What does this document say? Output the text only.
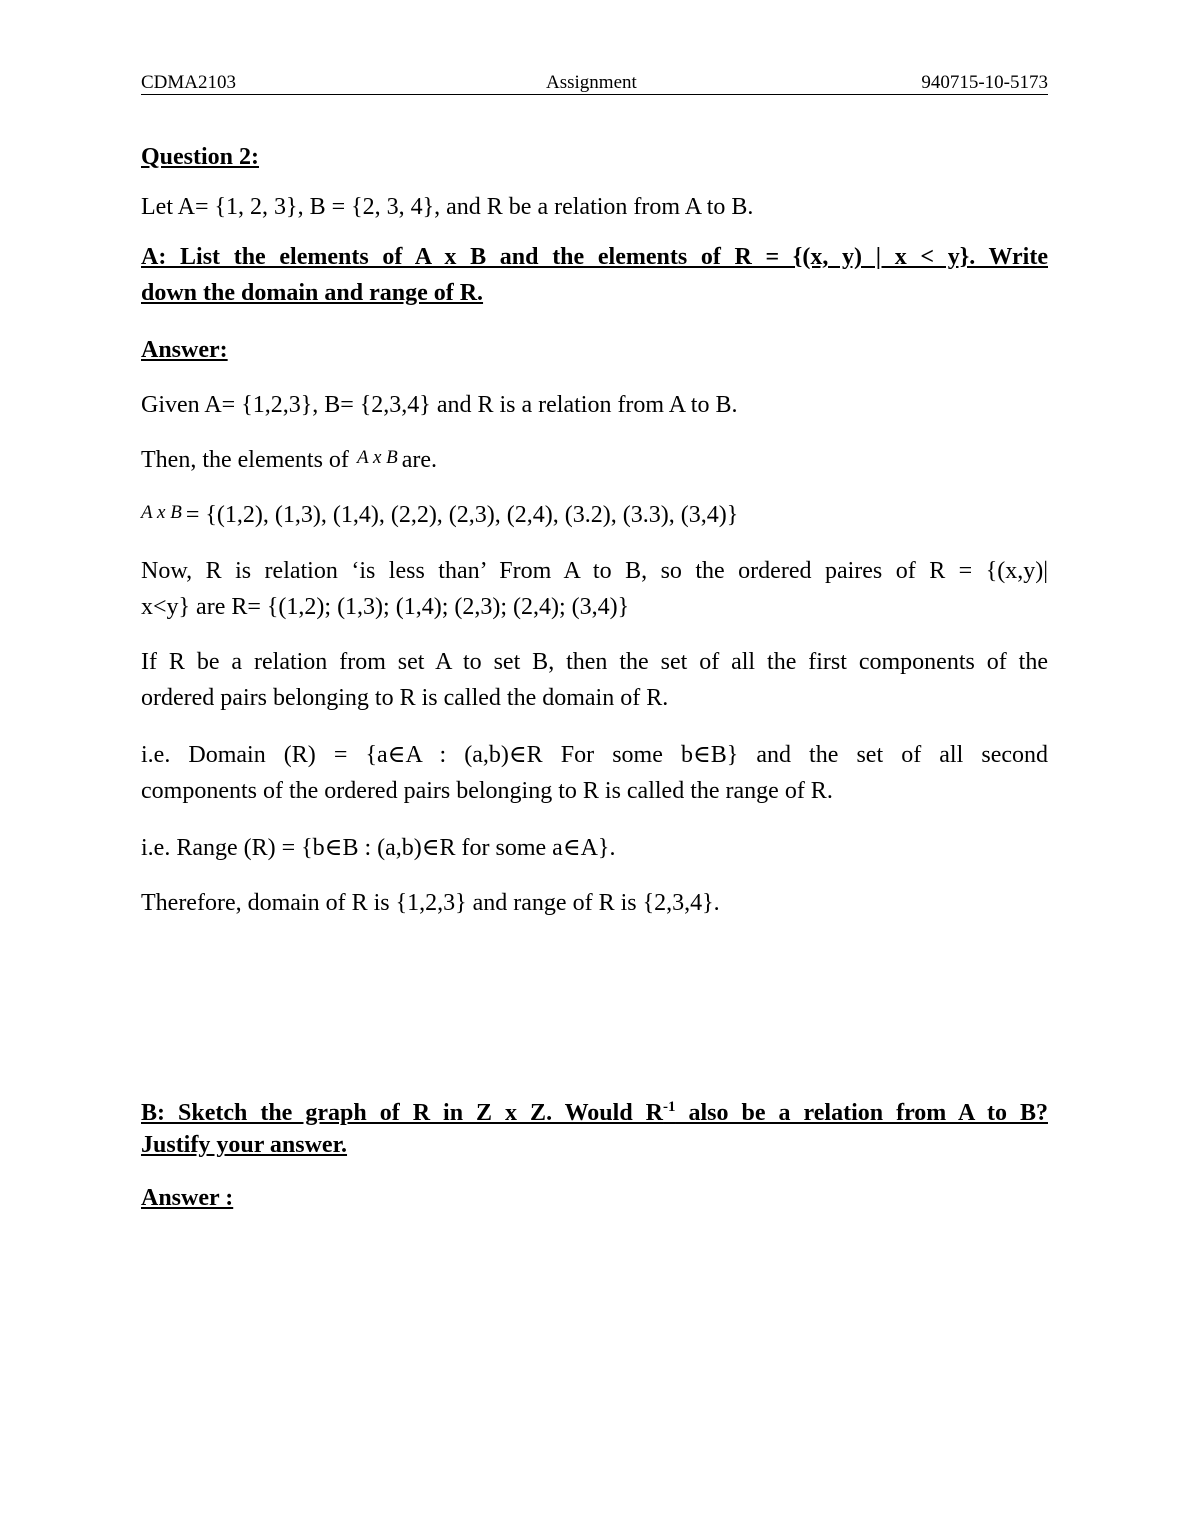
CDMA2103	Assignment	940715-10-5173

Question 2:

Let A= {1, 2, 3}, B = {2, 3, 4}, and R be a relation from A to B.

A: List the elements of A x B and the elements of R = {(x, y) | x < y}. Write
down the domain and range of R.

Answer:

Given A= {1,2,3}, B= {2,3,4} and R is a relation from A to B.

Then, the elements of A x B are.

A x B = {(1,2), (1,3), (1,4), (2,2), (2,3), (2,4), (3.2), (3.3), (3,4)}

Now, R is relation ‘is less than’ From A to B, so the ordered paires of R = {(x,y)|
x<y} are R= {(1,2); (1,3); (1,4); (2,3); (2,4); (3,4)}
If R be a relation from set A to set B, then the set of all the first components of the
ordered pairs belonging to R is called the domain of R.
i.e. Domain (R) = {a∈A : (a,b)∈R For some b∈B} and the set of all second
components of the ordered pairs belonging to R is called the range of R.

i.e. Range (R) = {b∈B : (a,b)∈R for some a∈A}.

Therefore, domain of R is {1,2,3} and range of R is {2,3,4}.

B: Sketch the graph of R in Z x Z. Would $R^{-1}$ also be a relation from A to B?
Justify your answer.

Answer :
